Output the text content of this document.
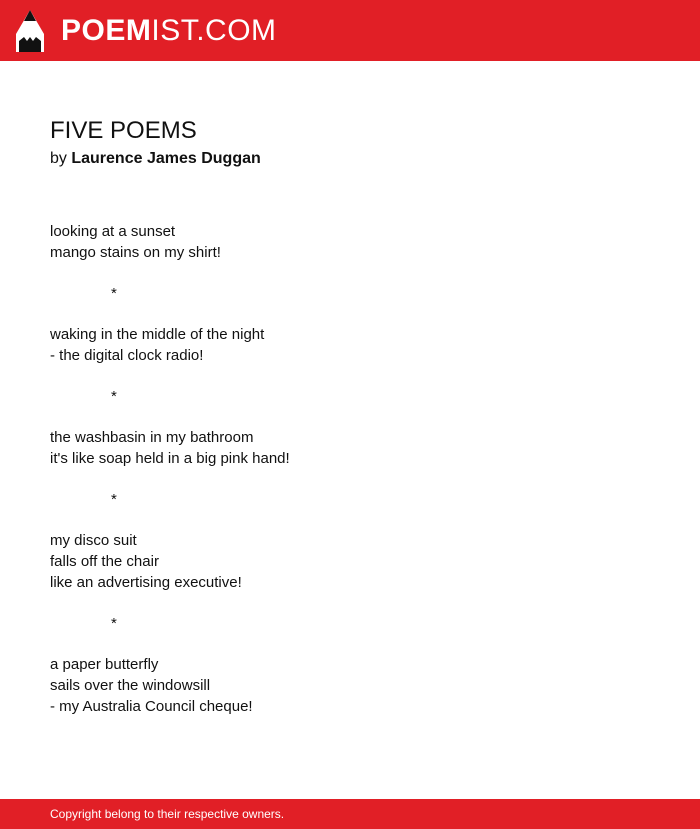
POEMIST.COM
FIVE POEMS
by Laurence James Duggan
looking at a sunset
mango stains on my shirt!
*
waking in the middle of the night
- the digital clock radio!
*
the washbasin in my bathroom
it's like soap held in a big pink hand!
*
my disco suit
falls off the chair
like an advertising executive!
*
a paper butterfly
sails over the windowsill
- my Australia Council cheque!
Copyright belong to their respective owners.
